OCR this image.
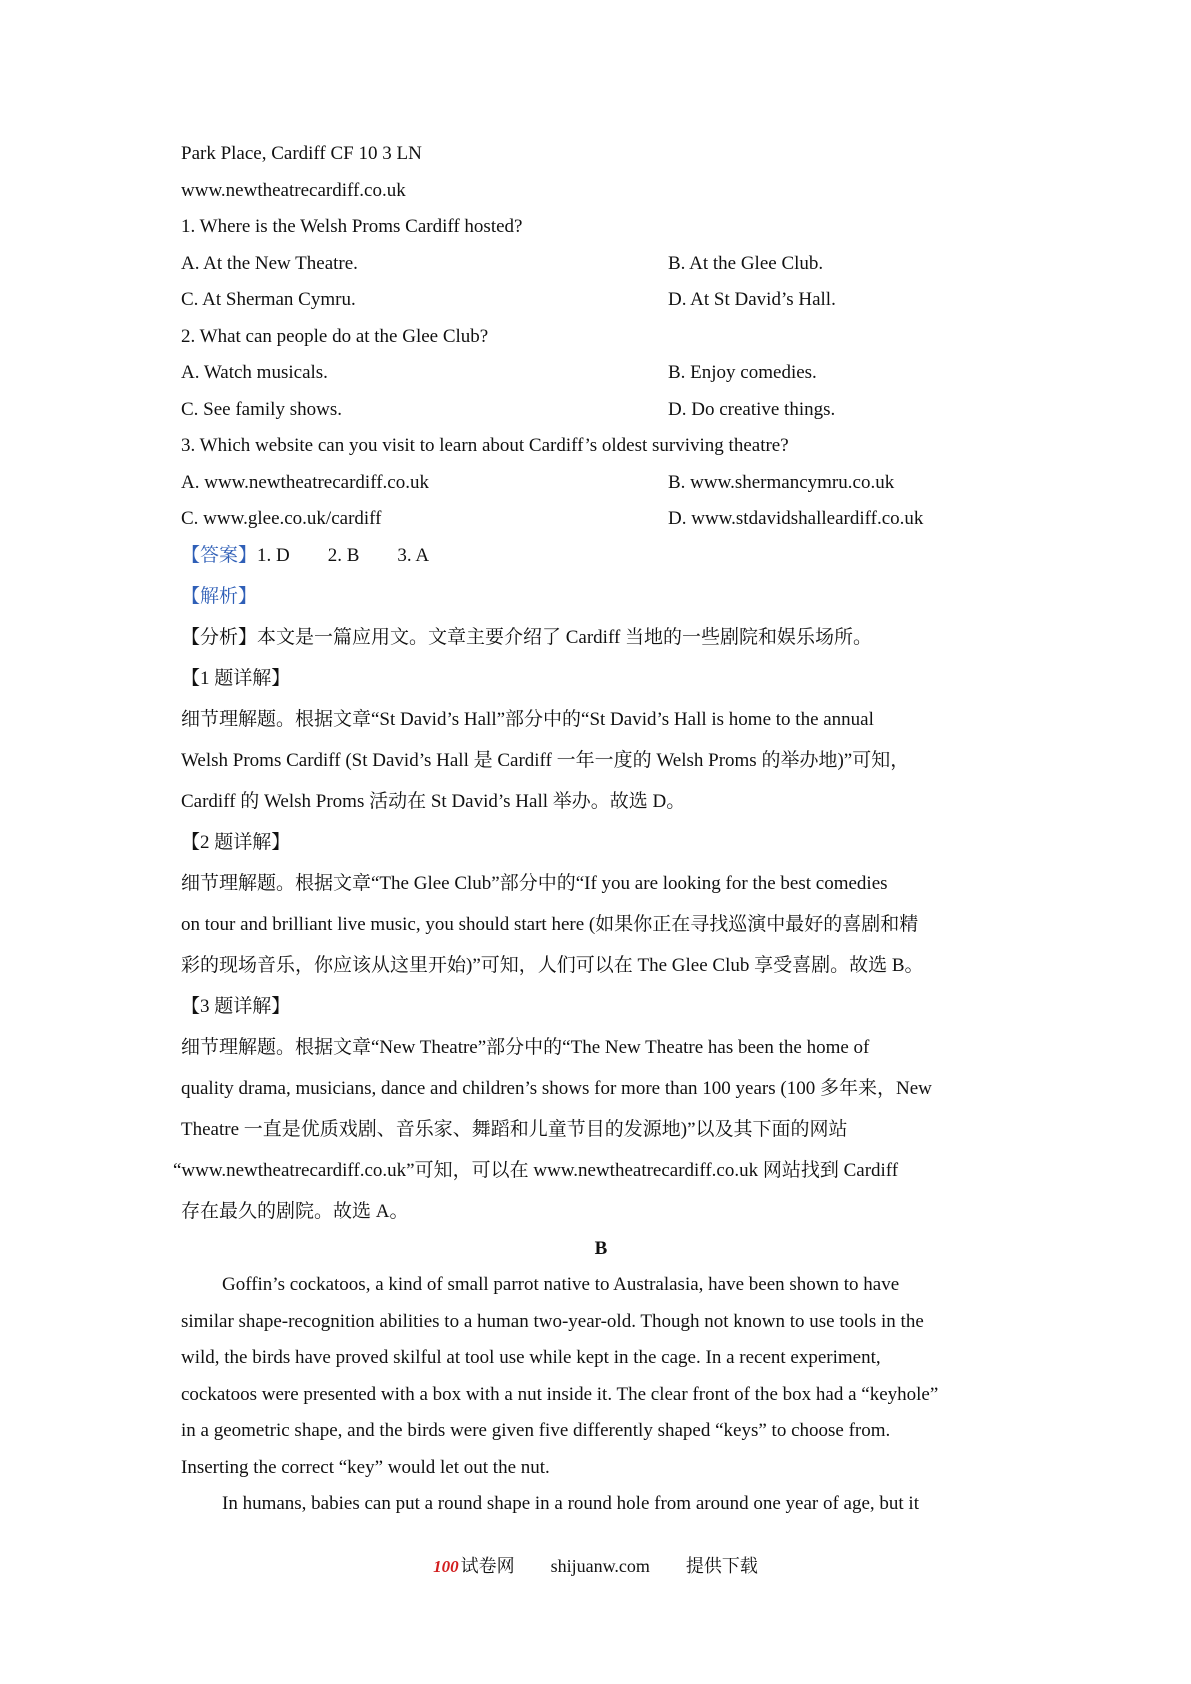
Park Place, Cardiff CF 10 3 LN
www.newtheatrecardiff.co.uk
1. Where is the Welsh Proms Cardiff hosted?
A. At the New Theatre.	B. At the Glee Club.
C. At Sherman Cymru.	D. At St David’s Hall.
2. What can people do at the Glee Club?
A. Watch musicals.	B. Enjoy comedies.
C. See family shows.	D. Do creative things.
3. Which website can you visit to learn about Cardiff’s oldest surviving theatre?
A. www.newtheatrecardiff.co.uk	B. www.shermancymru.co.uk
C. www.glee.co.uk/cardiff	D. www.stdavidshalleardiff.co.uk
【答案】1. D        2. B        3. A
【解析】
【分析】本文是一篇应用文。文章主要介绍了 Cardiff 当地的一些剧院和娱乐场所。
【1 题详解】
细节理解题。根据文章“St David’s Hall”部分中的“St David’s Hall is home to the annual
Welsh Proms Cardiff (St David’s Hall 是 Cardiff 一年一度的 Welsh Proms 的举办地)”可知，
Cardiff 的 Welsh Proms 活动在 St David’s Hall 举办。故选 D。
【2 题详解】
细节理解题。根据文章“The Glee Club”部分中的“If you are looking for the best comedies
on tour and brilliant live music, you should start here (如果你正在寻找巡演中最好的喜剧和精
彩的现场音乐，你应该从这里开始)”可知，人们可以在 The Glee Club 享受喜剧。故选 B。
【3 题详解】
细节理解题。根据文章“New Theatre”部分中的“The New Theatre has been the home of
quality drama, musicians, dance and children’s shows for more than 100 years (100 多年来，New
Theatre 一直是优质戏剧、音乐家、舞蹈和儿童节目的发源地)”以及其下面的网站
“www.newtheatrecardiff.co.uk”可知，可以在 www.newtheatrecardiff.co.uk 网站找到 Cardiff
存在最久的剧院。故选 A。
B
Goffin’s cockatoos, a kind of small parrot native to Australasia, have been shown to have
similar shape-recognition abilities to a human two-year-old. Though not known to use tools in the
wild, the birds have proved skilful at tool use while kept in the cage. In a recent experiment,
cockatoos were presented with a box with a nut inside it. The clear front of the box had a “keyhole”
in a geometric shape, and the birds were given five differently shaped “keys” to choose from.
Inserting the correct “key” would let out the nut.
In humans, babies can put a round shape in a round hole from around one year of age, but it
100 试卷网 shijuanw.com 提供下载
